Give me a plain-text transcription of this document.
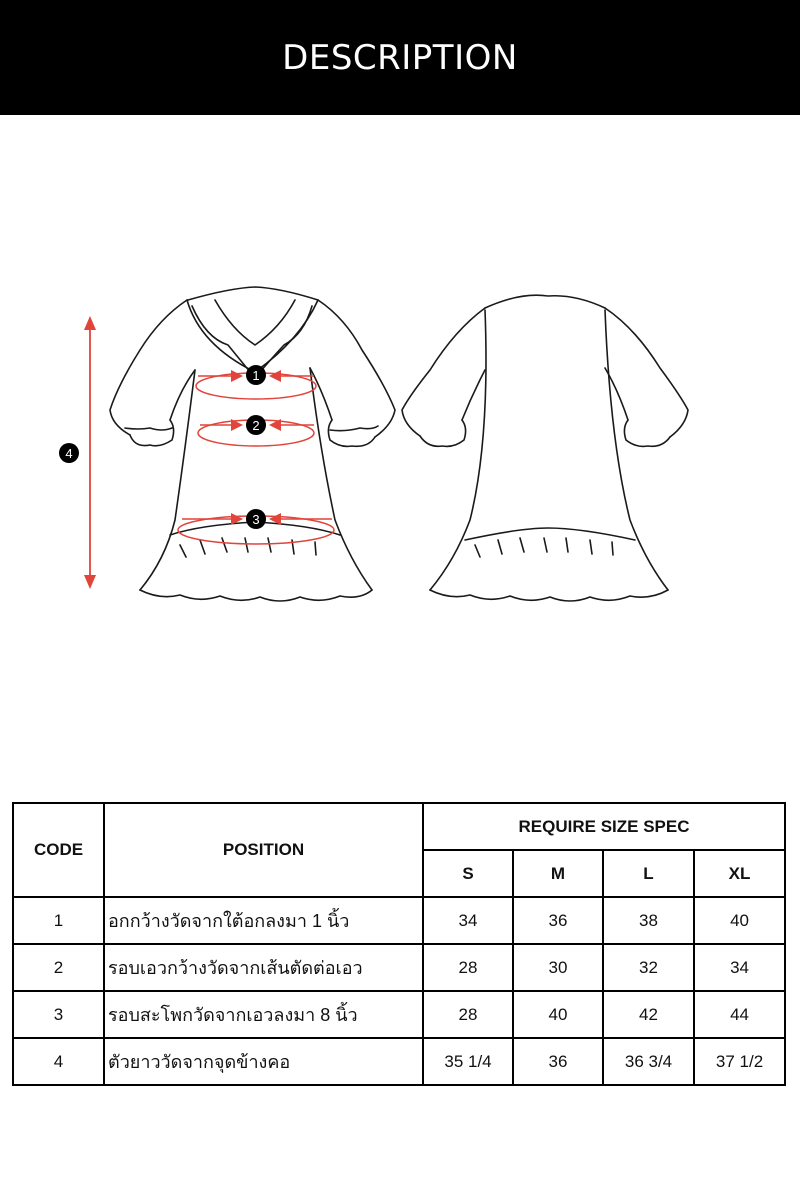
DESCRIPTION
1
2
3
4
CODE	POSITION	REQUIRE SIZE SPEC			
		S	M	L	XL
1	อกกว้างวัดจากใต้อกลงมา 1 นิ้ว	34	36	38	40
2	รอบเอวกว้างวัดจากเส้นตัดต่อเอว	28	30	32	34
3	รอบสะโพกวัดจากเอวลงมา 8 นิ้ว	28	40	42	44
4	ตัวยาววัดจากจุดข้างคอ	35 1/4	36	36 3/4	37 1/2
